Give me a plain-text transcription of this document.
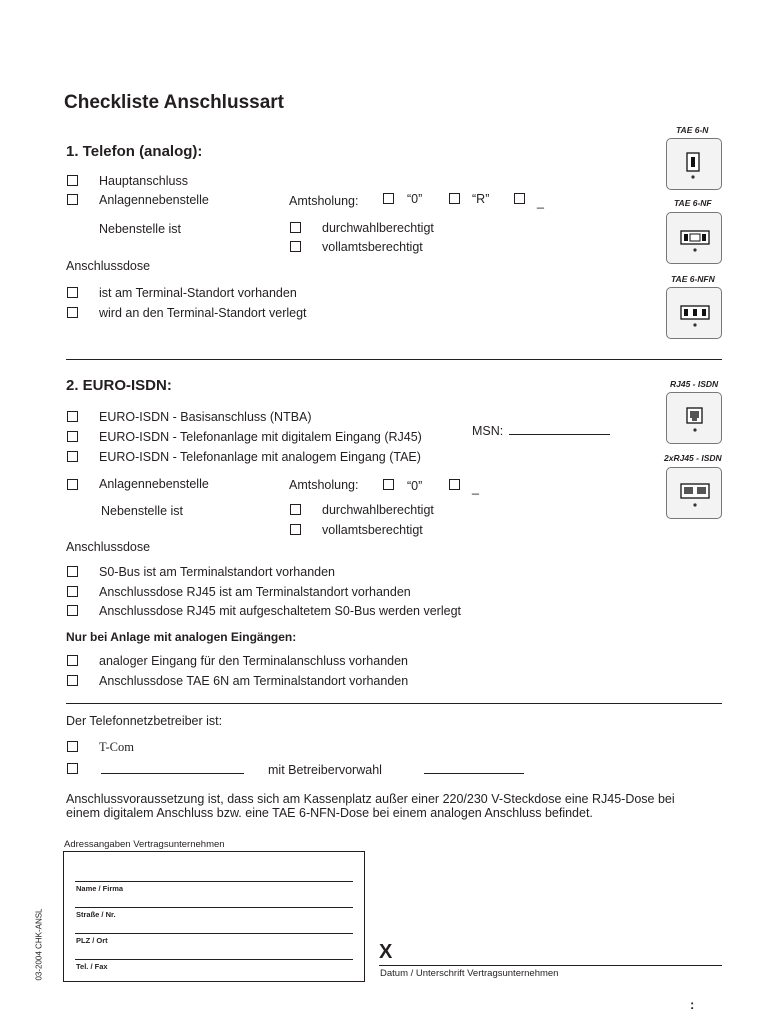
Checkliste Anschlussart
1. Telefon (analog):
Hauptanschluss
Anlagennebenstelle	Amtsholung:	“0”	“R”	_
Nebenstelle ist	durchwahlberechtigt
vollamtsberechtigt
Anschlussdose
ist am Terminal-Standort vorhanden
wird an den Terminal-Standort verlegt
2. EURO-ISDN:
EURO-ISDN - Basisanschluss (NTBA)
EURO-ISDN - Telefonanlage mit digitalem Eingang (RJ45)
EURO-ISDN - Telefonanlage mit analogem Eingang (TAE)
MSN:
Anlagennebenstelle	Amtsholung:	“0”	_
Nebenstelle ist	durchwahlberechtigt
vollamtsberechtigt
Anschlussdose
S0-Bus ist am Terminalstandort vorhanden
Anschlussdose RJ45 ist am Terminalstandort vorhanden
Anschlussdose RJ45 mit aufgeschaltetem S0-Bus werden verlegt
Nur bei Anlage mit analogen Eingängen:
analoger Eingang für den Terminalanschluss vorhanden
Anschlussdose TAE 6N am Terminalstandort vorhanden
Der Telefonnetzbetreiber ist:
T-Com
mit Betreibervorwahl
Anschlussvoraussetzung ist, dass sich am Kassenplatz außer einer 220/230 V-Steckdose eine RJ45-Dose bei
einem digitalem Anschluss bzw. eine TAE 6-NFN-Dose bei einem analogen Anschluss befindet.
Adressangaben Vertragsunternehmen
Name / Firma
Straße / Nr.
PLZ / Ort
Tel. / Fax
03-2004 CHK-ANSL	X
Datum / Unterschrift Vertragsunternehmen
:
TAE 6-N
TAE 6-NF
TAE 6-NFN
RJ45 - ISDN
2xRJ45 - ISDN
